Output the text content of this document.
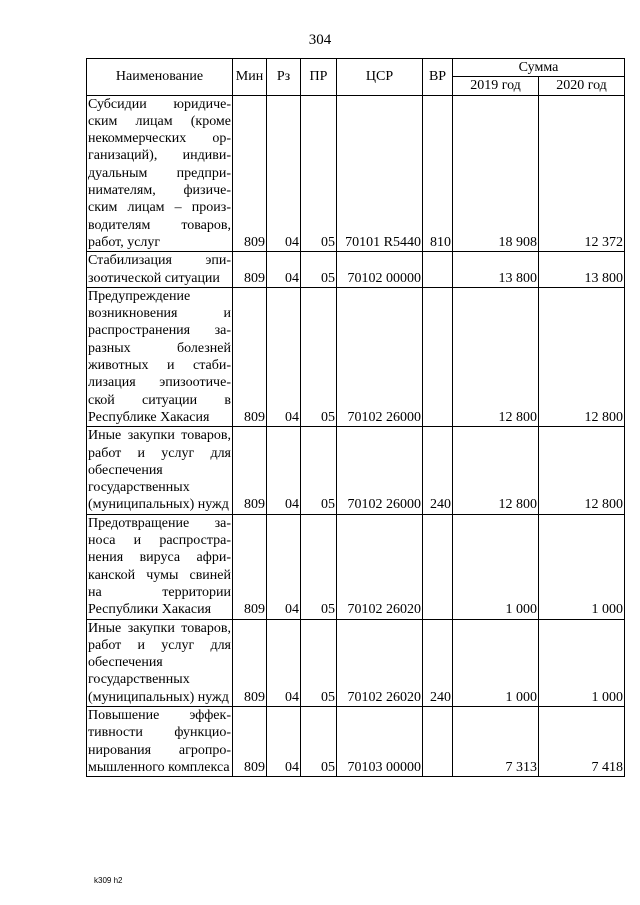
304
Наименование	Мин	Рз	ПР	ЦСР	ВР	Сумма	
						2019 год	2020 год
Субсидии юридическим лицам (кроме некоммерческих организаций), индивидуальным предпринимателям, физическим лицам – производителям товаров, работ, услуг	809	04	05	70101 R5440	810	18 908	12 372
Стабилизация эпизоотической ситуации	809	04	05	70102 00000		13 800	13 800
Предупреждение возникновения и распространения заразных болезней животных и стабилизация эпизоотической ситуации в Республике Хакасия	809	04	05	70102 26000		12 800	12 800
Иные закупки товаров, работ и услуг для обеспечения государственных (муниципальных) нужд	809	04	05	70102 26000	240	12 800	12 800
Предотвращение заноса и распространения вируса африканской чумы свиней на территории Республики Хакасия	809	04	05	70102 26020		1 000	1 000
Иные закупки товаров, работ и услуг для обеспечения государственных (муниципальных) нужд	809	04	05	70102 26020	240	1 000	1 000
Повышение эффективности функционирования агропромышленного комплекса	809	04	05	70103 00000		7 313	7 418
k309 h2
